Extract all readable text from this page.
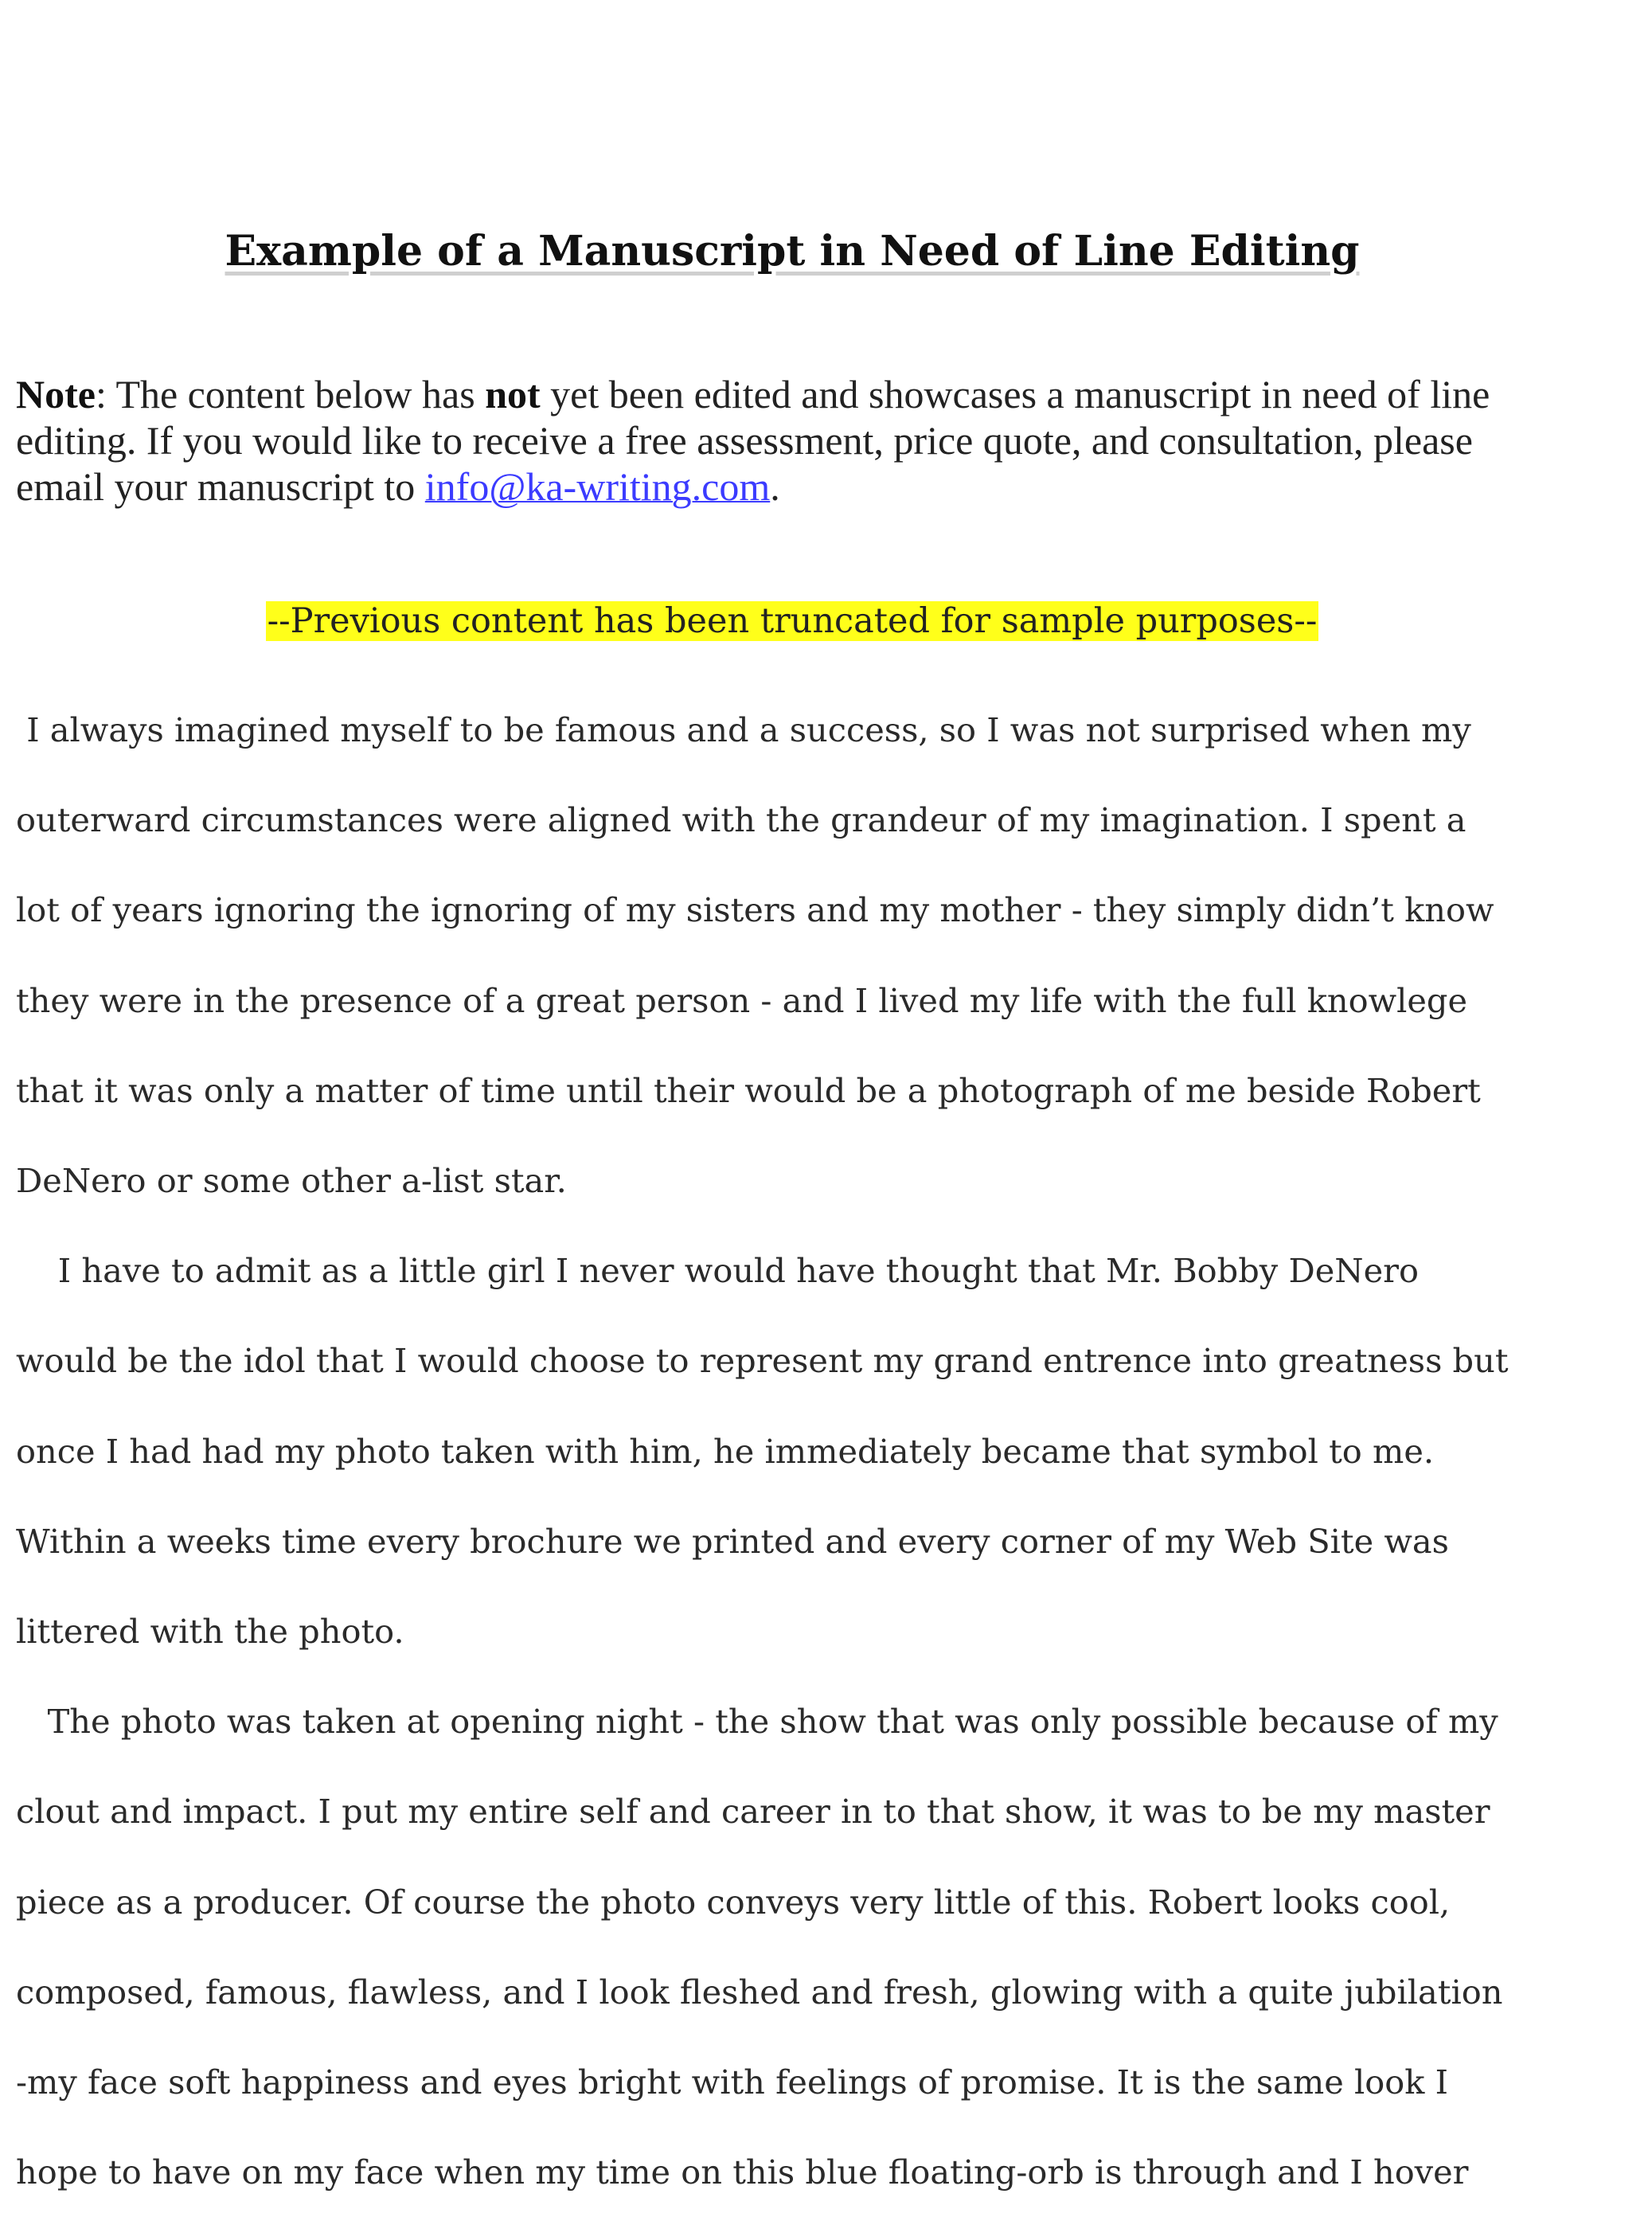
Example of a Manuscript in Need of Line Editing
Note: The content below has not yet been edited and showcases a manuscript in need of line editing. If you would like to receive a free assessment, price quote, and consultation, please email your manuscript to info@ka-writing.com.
--Previous content has been truncated for sample purposes--

I always imagined myself to be famous and a success, so I was not surprised when my

outerward circumstances were aligned with the grandeur of my imagination. I spent a

lot of years ignoring the ignoring of my sisters and my mother - they simply didn’t know

they were in the presence of a great person - and I lived my life with the full knowlege

that it was only a matter of time until their would be a photograph of me beside Robert

DeNero or some other a-list star.

I have to admit as a little girl I never would have thought that Mr. Bobby DeNero

would be the idol that I would choose to represent my grand entrence into greatness but

once I had had my photo taken with him, he immediately became that symbol to me.

Within a weeks time every brochure we printed and every corner of my Web Site was

littered with the photo.

The photo was taken at opening night - the show that was only possible because of my

clout and impact. I put my entire self and career in to that show, it was to be my master

piece as a producer. Of course the photo conveys very little of this. Robert looks cool,

composed, famous, flawless, and I look fleshed and fresh, glowing with a quite jubilation

-my face soft happiness and eyes bright with feelings of promise. It is the same look I

hope to have on my face when my time on this blue floating-orb is through and I hover
